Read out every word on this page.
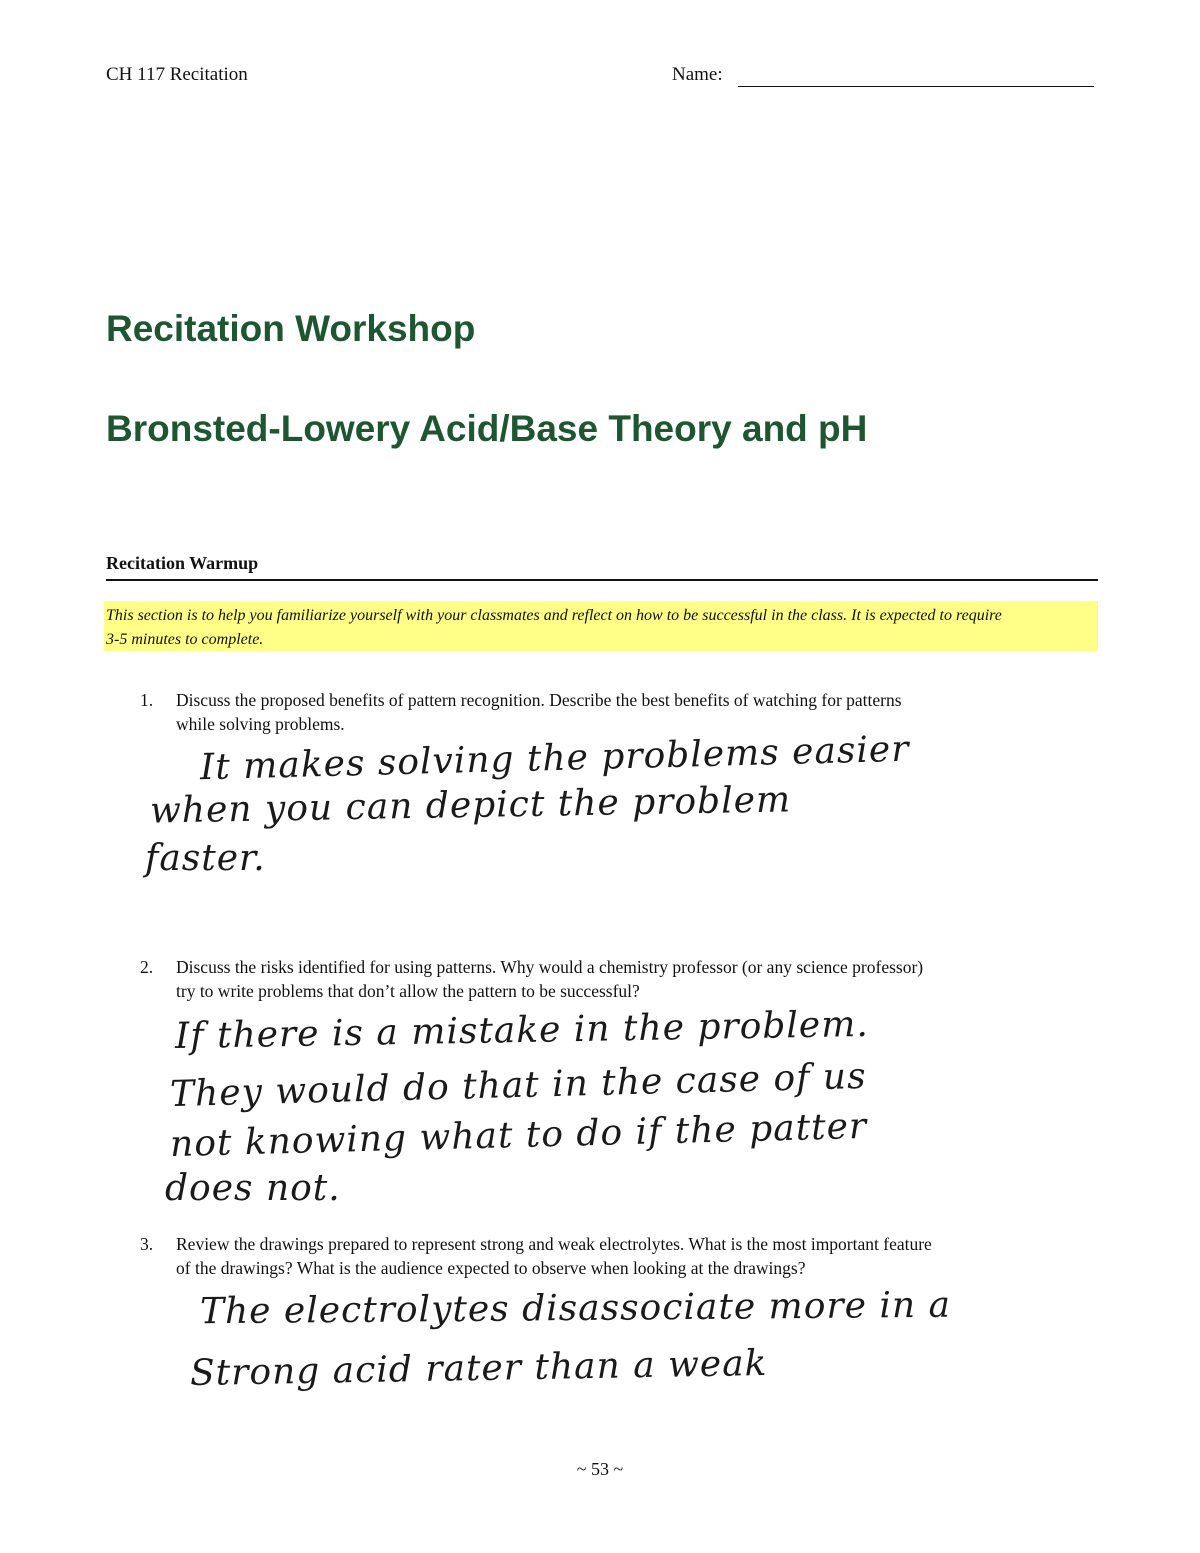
CH 117 Recitation	Name:
Recitation Workshop
Bronsted-Lowery Acid/Base Theory and pH
Recitation Warmup
This section is to help you familiarize yourself with your classmates and reflect on how to be successful in the class. It is expected to require
3-5 minutes to complete.
1. Discuss the proposed benefits of pattern recognition. Describe the best benefits of watching for patterns
while solving problems.
It makes solving the problems easier
when you can depict the problem
faster.
2. Discuss the risks identified for using patterns. Why would a chemistry professor (or any science professor)
try to write problems that don’t allow the pattern to be successful?
If there is a mistake in the problem.
They would do that in the case of us
not knowing what to do if the patter
does not.
3. Review the drawings prepared to represent strong and weak electrolytes. What is the most important feature
of the drawings? What is the audience expected to observe when looking at the drawings?
The electrolytes disassociate more in a
Strong acid rater than a weak
~ 53 ~
